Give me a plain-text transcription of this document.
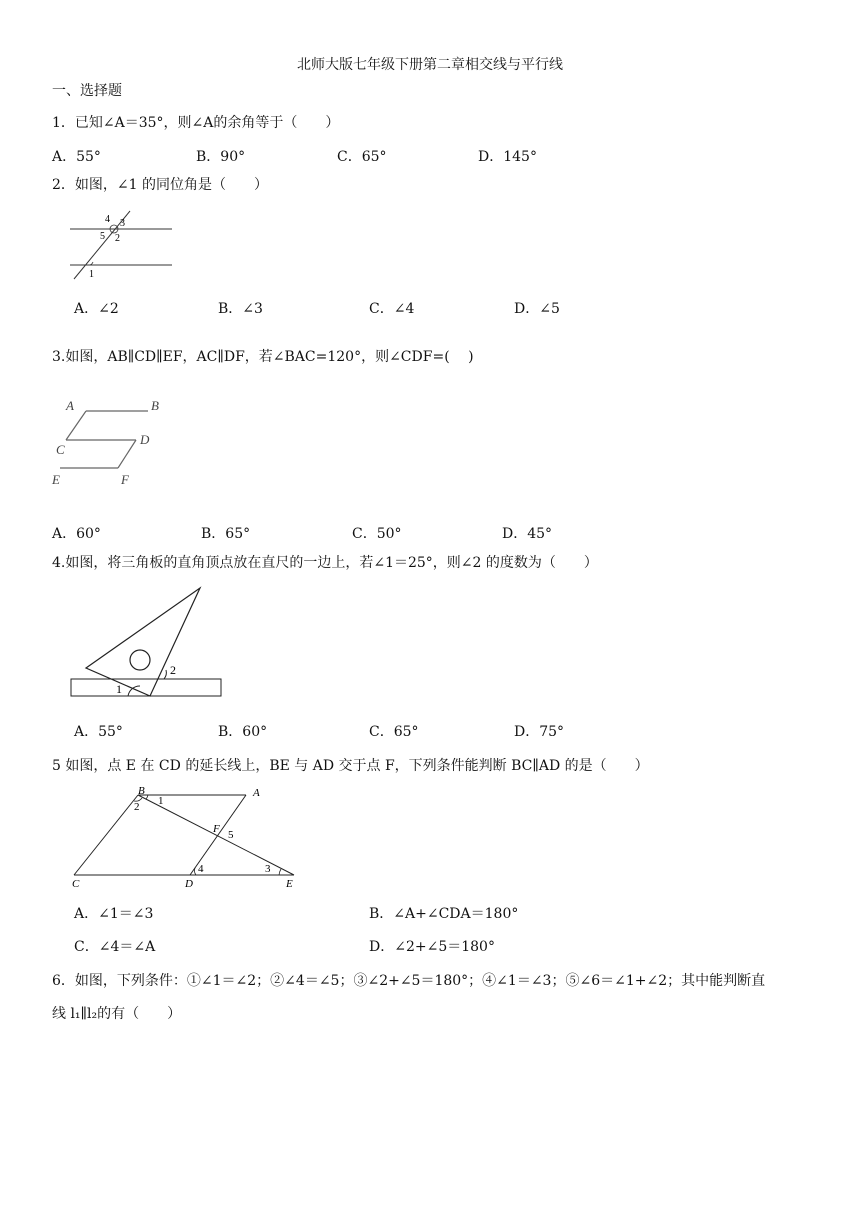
北师大版七年级下册第二章相交线与平行线
一、选择题
1．已知∠A＝35°，则∠A的余角等于（　　）
A．55°	B．90°	C．65°	D．145°
2．如图，∠1 的同位角是（　　）
4 3
5 2
1
A．∠2	B．∠3	C．∠4	D．∠5
3.如图，AB∥CD∥EF，AC∥DF，若∠BAC=120°，则∠CDF=(　 )
A	B
C
D
E	F
A．60°	B．65°	C．50°	D．45°
4.如图，将三角板的直角顶点放在直尺的一边上，若∠1＝25°，则∠2 的度数为（　　）
2
1
A．55°	B．60°	C．65°	D．75°
5 如图，点 E 在 CD 的延长线上，BE 与 AD 交于点 F，下列条件能判断 BC∥AD 的是（　　）
B	A
1
2
F 5
4	3
C	D	E
A．∠1＝∠3	B．∠A+∠CDA＝180°
C．∠4＝∠A	D．∠2+∠5＝180°
6．如图，下列条件：①∠1＝∠2；②∠4＝∠5；③∠2+∠5＝180°；④∠1＝∠3；⑤∠6＝∠1+∠2；其中能判断直
线 l₁∥l₂的有（　　）
